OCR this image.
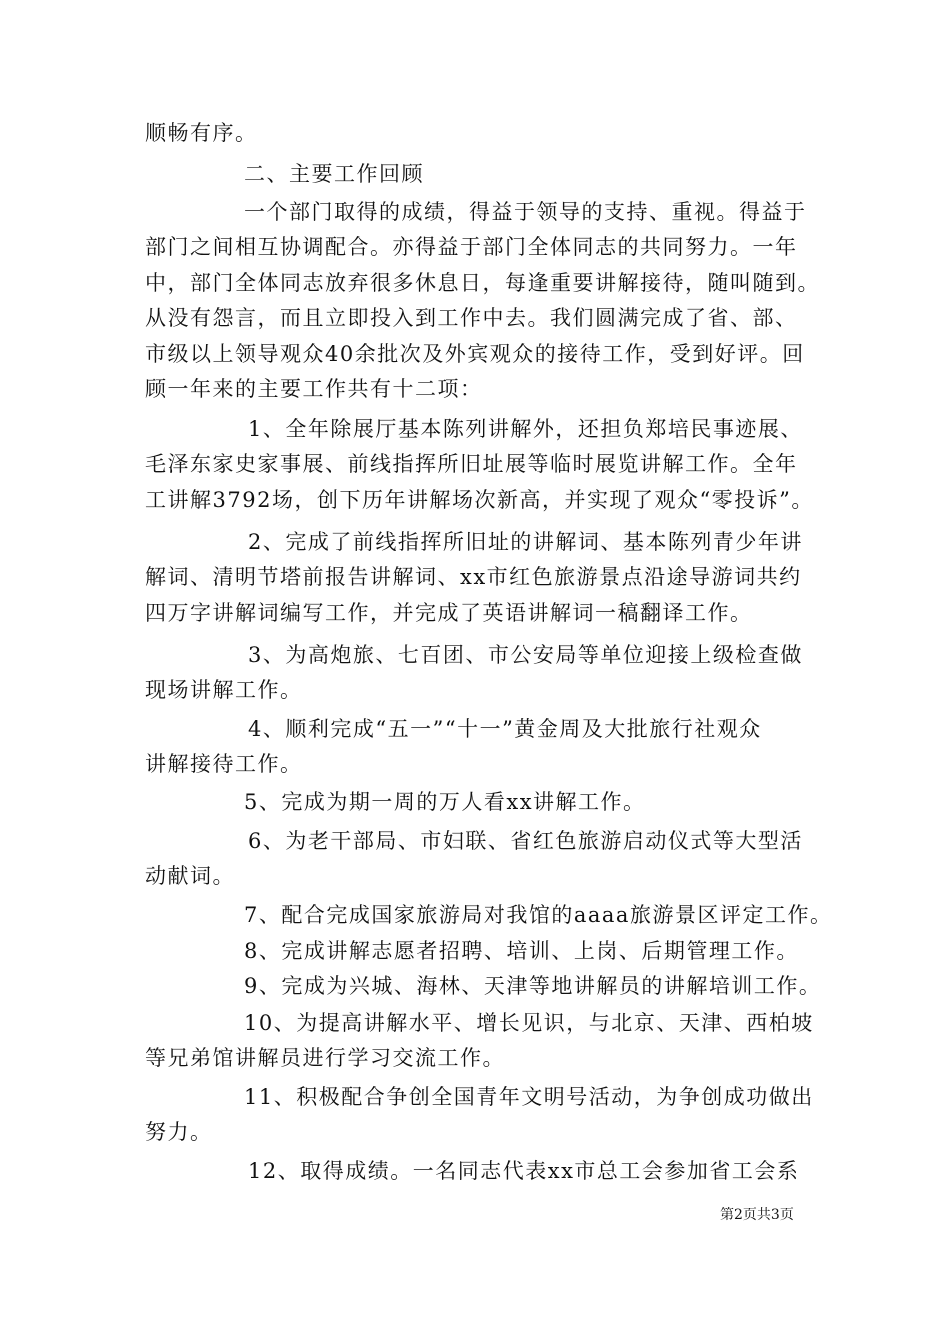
顺畅有序。
二、主要工作回顾
一个部门取得的成绩，得益于领导的支持、重视。得益于
部门之间相互协调配合。亦得益于部门全体同志的共同努力。一年
中，部门全体同志放弃很多休息日，每逢重要讲解接待，随叫随到。
从没有怨言，而且立即投入到工作中去。我们圆满完成了省、部、
市级以上领导观众40余批次及外宾观众的接待工作，受到好评。回
顾一年来的主要工作共有十二项：
1、全年除展厅基本陈列讲解外，还担负郑培民事迹展、
毛泽东家史家事展、前线指挥所旧址展等临时展览讲解工作。全年
工讲解3792场，创下历年讲解场次新高，并实现了观众“零投诉”。
2、完成了前线指挥所旧址的讲解词、基本陈列青少年讲
解词、清明节塔前报告讲解词、xx市红色旅游景点沿途导游词共约
四万字讲解词编写工作，并完成了英语讲解词一稿翻译工作。
3、为高炮旅、七百团、市公安局等单位迎接上级检查做
现场讲解工作。
4、顺利完成“五一”“十一”黄金周及大批旅行社观众
讲解接待工作。
5、完成为期一周的万人看xx讲解工作。
6、为老干部局、市妇联、省红色旅游启动仪式等大型活
动献词。
7、配合完成国家旅游局对我馆的aaaa旅游景区评定工作。
8、完成讲解志愿者招聘、培训、上岗、后期管理工作。
9、完成为兴城、海林、天津等地讲解员的讲解培训工作。
10、为提高讲解水平、增长见识，与北京、天津、西柏坡
等兄弟馆讲解员进行学习交流工作。
11、积极配合争创全国青年文明号活动，为争创成功做出
努力。
12、取得成绩。一名同志代表xx市总工会参加省工会系
第2页共3页
